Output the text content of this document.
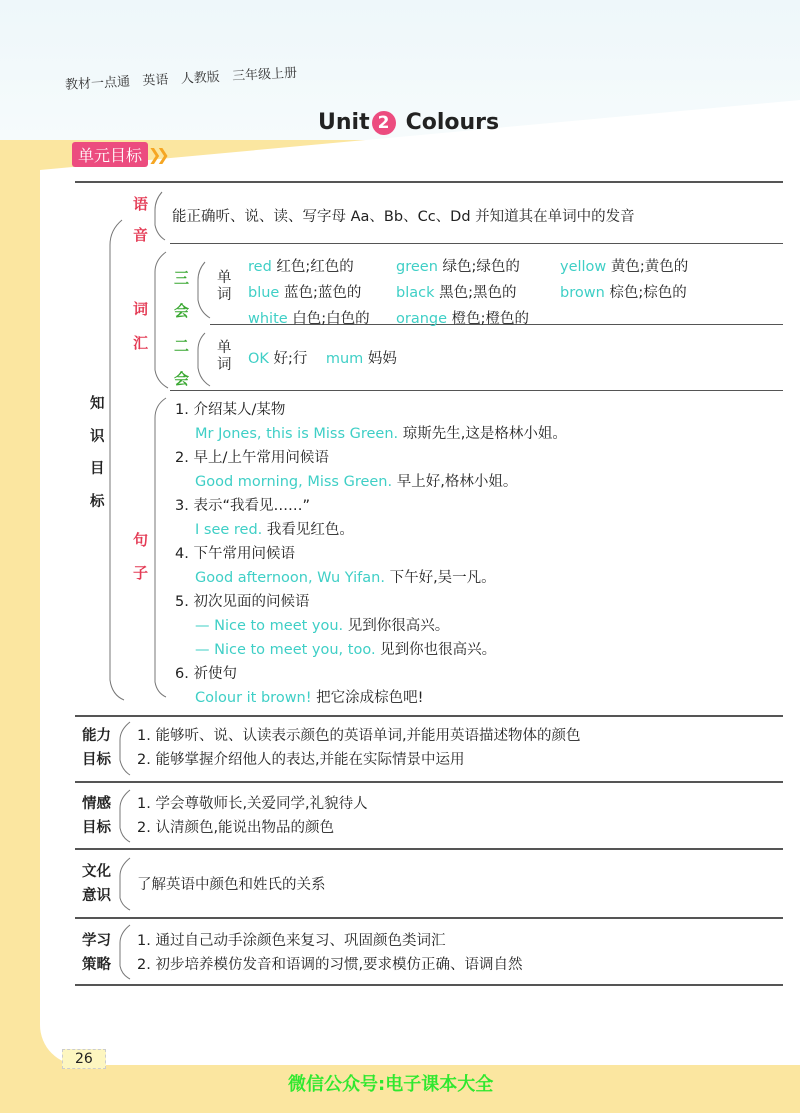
教材一点通 英语 人教版 三年级上册
Unit 2 Colours
单元目标 ❯❯
知
识
目
标
语
音
能正确听、说、读、写字母 Aa、Bb、Cc、Dd 并知道其在单词中的发音
词
汇
三
会
单
词
red 红色;红色的	green 绿色;绿色的	yellow 黄色;黄色的
blue 蓝色;蓝色的	black 黑色;黑色的	brown 棕色;棕色的
white 白色;白色的	orange 橙色;橙色的
二
会
单
词 OK 好;行 mum 妈妈
句
子
1. 介绍某人/某物
Mr Jones, this is Miss Green. 琼斯先生,这是格林小姐。
2. 早上/上午常用问候语
Good morning, Miss Green. 早上好,格林小姐。
3. 表示“我看见……”
I see red. 我看见红色。
4. 下午常用问候语
Good afternoon, Wu Yifan. 下午好,吴一凡。
5. 初次见面的问候语
— Nice to meet you. 见到你很高兴。
— Nice to meet you, too. 见到你也很高兴。
6. 祈使句
Colour it brown! 把它涂成棕色吧!
能力
目标
1. 能够听、说、认读表示颜色的英语单词,并能用英语描述物体的颜色
2. 能够掌握介绍他人的表达,并能在实际情景中运用
情感
目标
1. 学会尊敬师长,关爱同学,礼貌待人
2. 认清颜色,能说出物品的颜色
文化
意识
了解英语中颜色和姓氏的关系
学习
策略
1. 通过自己动手涂颜色来复习、巩固颜色类词汇
2. 初步培养模仿发音和语调的习惯,要求模仿正确、语调自然
26
微信公众号:电子课本大全
